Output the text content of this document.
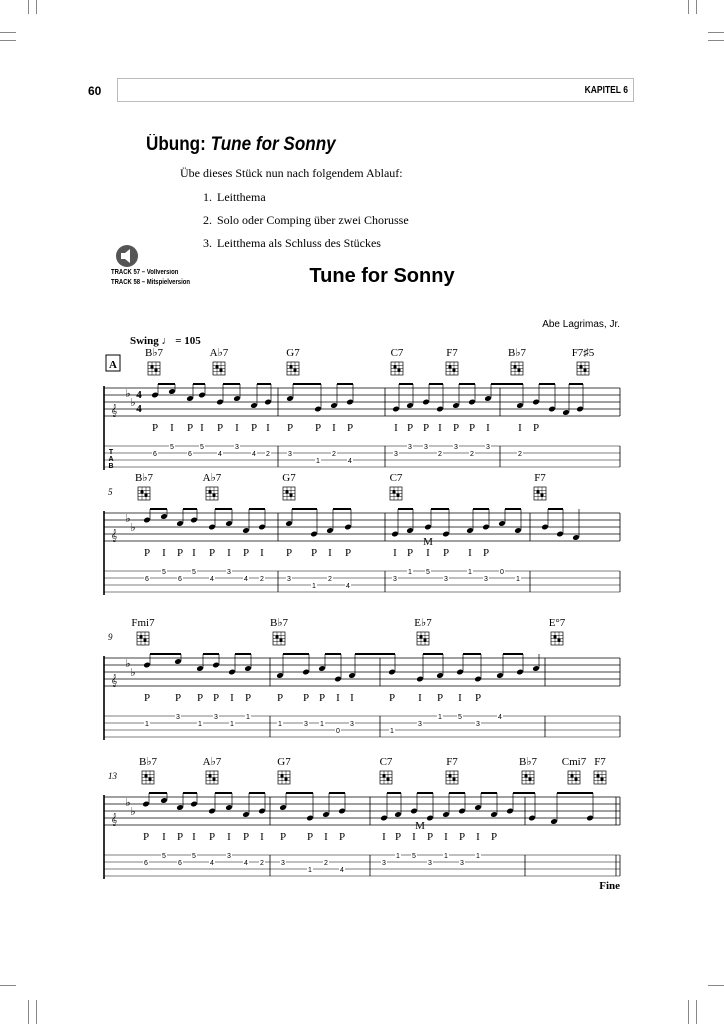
60	KAPITEL 6
Übung: Tune for Sonny
Übe dieses Stück nun nach folgendem Ablauf:
1. Leitthema
2. Solo oder Comping über zwei Chorusse
3. Leitthema als Schluss des Stückes
TRACK 57 – Vollversion
TRACK 58 – Mitspielversion	Tune for Sonny
Abe Lagrimas, Jr.
Swing ♩ = 105
Fine
𝄞
♭
♭
4
4
T
A
B
B♭7	A♭7	G7	C7	F7	B♭7	F7♯5
P I P I P I P I P P I P	I P P I P P I	I P
6
5
6
5
4
3
4 2	3
1
2
4
3
3 3
2
3
2
3
2
5
𝄞
♭
♭
B♭7	A♭7	G7	C7	F7
P I P I P I P I P P I P	I P I P I P
M
6
5
6
5
4
3
4 2	3
1
2
4
3
1 5
3
1
3
0
1
9
𝄞
♭
♭
Fmi7	B♭7	E♭7	E°7
P P P P I P P P P I I	P I P I P
1
3
1
3
1
1
1	3 1
0
3
1
3
1 5
3
4
13
𝄞
♭
♭
B♭7	A♭7	G7	C7	F7	B♭7 Cmi7 F7
P I P I P I P I P P I P	I P I P I P I P
M
6
5
6
5
4
3
4 2 3
1
2
4
3
1 5
3
1
3
1
A
